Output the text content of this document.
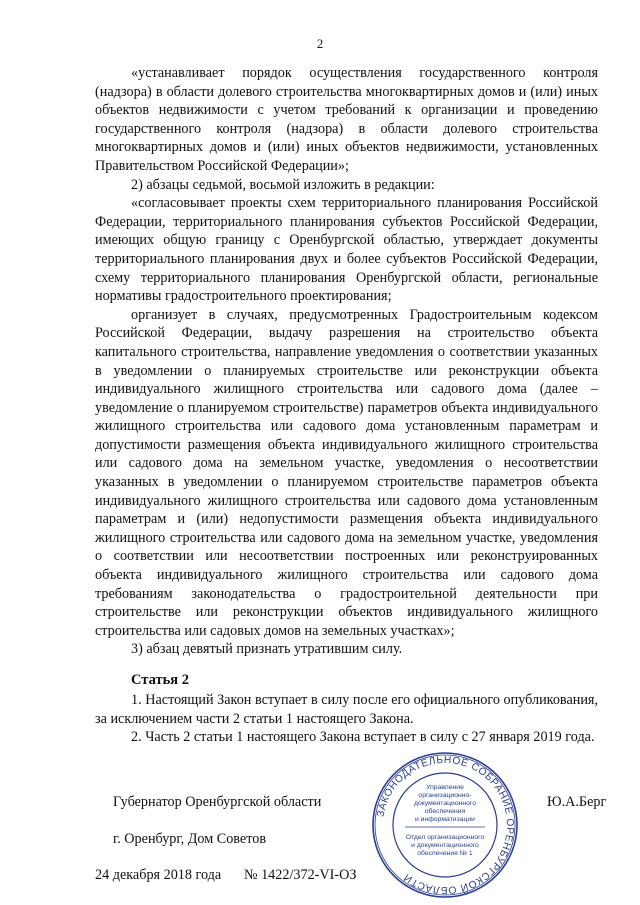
2

«устанавливает порядок осуществления государственного контроля (надзора) в области долевого строительства многоквартирных домов и (или) иных объектов недвижимости с учетом требований к организации и проведению государственного контроля (надзора) в области долевого строительства многоквартирных домов и (или) иных объектов недвижимости, установленных Правительством Российской Федерации»;

2) абзацы седьмой, восьмой изложить в редакции:

«согласовывает проекты схем территориального планирования Российской Федерации, территориального планирования субъектов Российской Федерации, имеющих общую границу с Оренбургской областью, утверждает документы территориального планирования двух и более субъектов Российской Федерации, схему территориального планирования Оренбургской области, региональные нормативы градостроительного проектирования;

организует в случаях, предусмотренных Градостроительным кодексом Российской Федерации, выдачу разрешения на строительство объекта капитального строительства, направление уведомления о соответствии указанных в уведомлении о планируемых строительстве или реконструкции объекта индивидуального жилищного строительства или садового дома (далее – уведомление о планируемом строительстве) параметров объекта индивидуального жилищного строительства или садового дома установленным параметрам и допустимости размещения объекта индивидуального жилищного строительства или садового дома на земельном участке, уведомления о несоответствии указанных в уведомлении о планируемом строительстве параметров объекта индивидуального жилищного строительства или садового дома установленным параметрам и (или) недопустимости размещения объекта индивидуального жилищного строительства или садового дома на земельном участке, уведомления о соответствии или несоответствии построенных или реконструированных объекта индивидуального жилищного строительства или садового дома требованиям законодательства о градостроительной деятельности при строительстве или реконструкции объектов индивидуального жилищного строительства или садовых домов на земельных участках»;

3) абзац девятый признать утратившим силу.

Статья 2

1. Настоящий Закон вступает в силу после его официального опубликования, за исключением части 2 статьи 1 настоящего Закона.

2. Часть 2 статьи 1 настоящего Закона вступает в силу с 27 января 2019 года.

Губернатор Оренбургской области	Ю.А.Берг
г. Оренбург, Дом Советов
24 декабря 2018 года № 1422/372-VI-ОЗ
ЗАКОНОДАТЕЛЬНОЕ СОБРАНИЕ ОРЕНБУРГСКОЙ ОБЛАСТИ
Управление
организационно-
документационного
обеспечения
и информатизации
Отдел организационного
и документационного
обеспечения № 1
